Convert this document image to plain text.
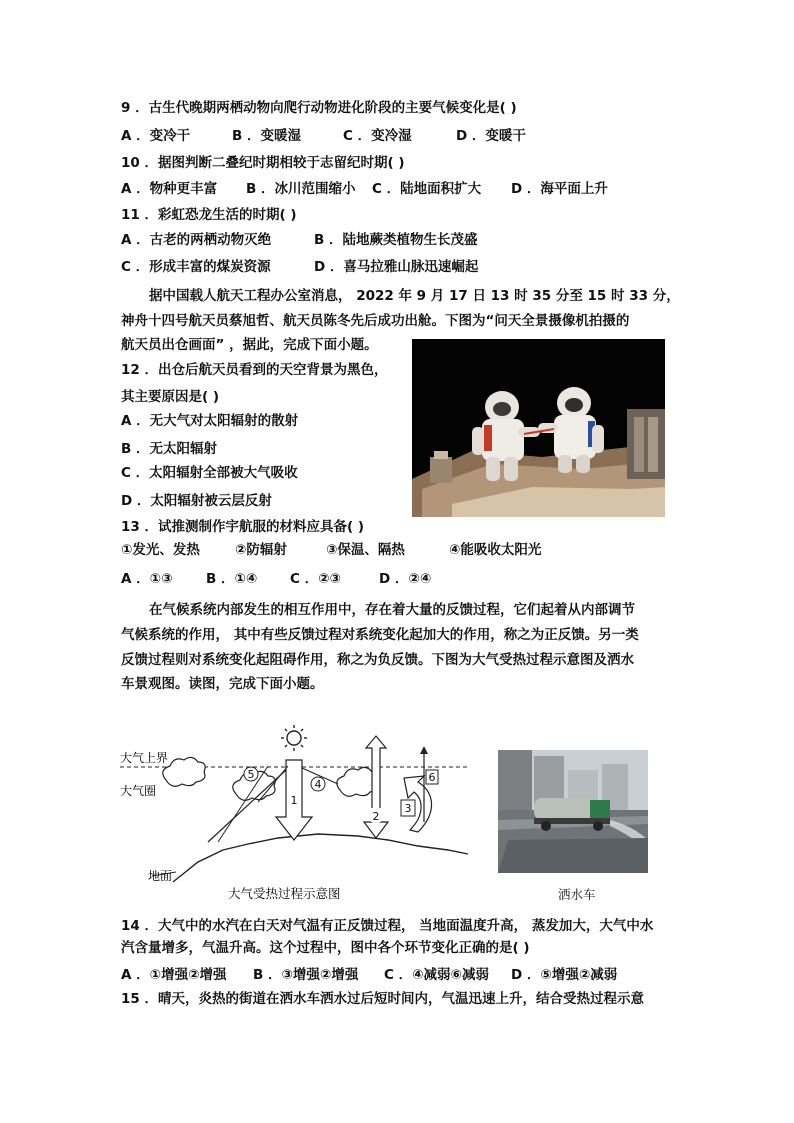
9 ．古生代晚期两栖动物向爬行动物进化阶段的主要气候变化是( )
A ．变冷干	B ．变暖湿	C ．变冷湿	D ．变暖干
10 ．据图判断二叠纪时期相较于志留纪时期( )
A ．物种更丰富 B ．冰川范围缩小 C ．陆地面积扩大 D ．海平面上升
11 ．彩虹恐龙生活的时期( )
A ．古老的两栖动物灭绝	B ．陆地蕨类植物生长茂盛
C ．形成丰富的煤炭资源	D ．喜马拉雅山脉迅速崛起
据中国载人航天工程办公室消息， 2022 年 9 月 17 日 13 时 35 分至 15 时 33 分，
神舟十四号航天员蔡旭哲、航天员陈冬先后成功出舱。下图为“问天全景摄像机拍摄的
航天员出仓画面” ，据此，完成下面小题。
12 ．出仓后航天员看到的天空背景为黑色，
其主要原因是( )
A ．无大气对太阳辐射的散射
B ．无太阳辐射
C ．太阳辐射全部被大气吸收
D ．太阳辐射被云层反射
13 ．试推测制作宇航服的材料应具备( )
①发光、发热	②防辐射	③保温、隔热	④能吸收太阳光
A ．①③ B ．①④ C ．②③	D ．②④
在气候系统内部发生的相互作用中，存在着大量的反馈过程，它们起着从内部调节
气候系统的作用， 其中有些反馈过程对系统变化起加大的作用，称之为正反馈。另一类
反馈过程则对系统变化起阻碍作用，称之为负反馈。下图为大气受热过程示意图及洒水
车景观图。读图，完成下面小题。
5
4
1
2
3
6
大气上界
大气圈
地面
大气受热过程示意图	洒水车
14 ．大气中的水汽在白天对气温有正反馈过程， 当地面温度升高， 蒸发加大，大气中水
汽含量增多，气温升高。这个过程中，图中各个环节变化正确的是( )
A ．①增强②增强 B ．③增强②增强 C ．④减弱⑥减弱 D ．⑤增强②减弱
15 ．晴天，炎热的街道在洒水车洒水过后短时间内，气温迅速上升，结合受热过程示意
